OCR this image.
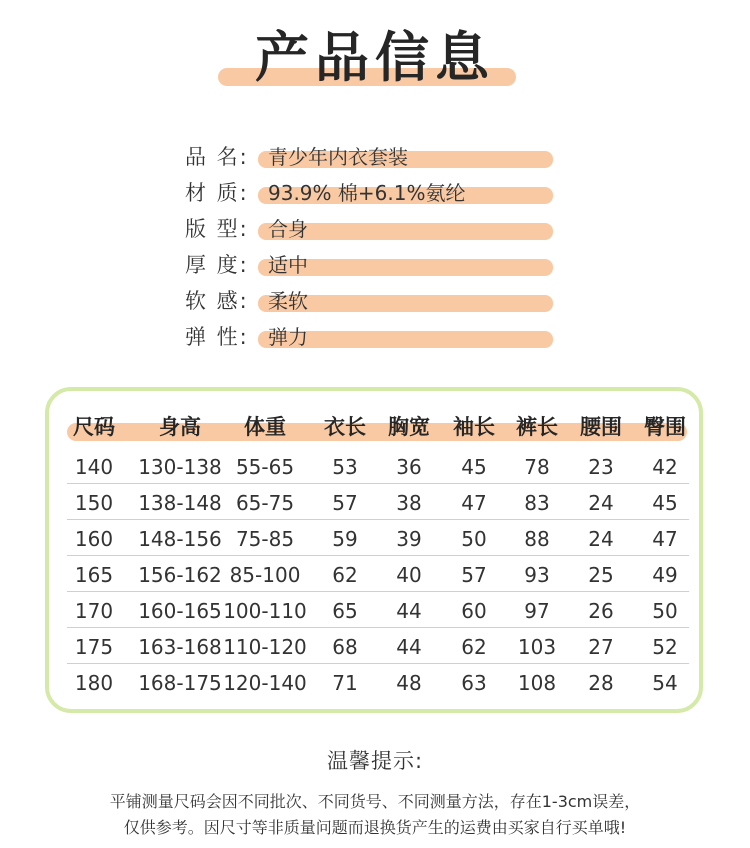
产品信息
品 名: 青少年内衣套装
材 质: 93.9% 棉+6.1%氨纶
版 型: 合身
厚 度: 适中
软 感: 柔软
弹 性: 弹力
尺码 身高 体重 衣长 胸宽 袖长 裤长 腰围 臀围
140 130-138 55-65 53 36 45 78 23 42
150 138-148 65-75 57 38 47 83 24 45
160 148-156 75-85 59 39 50 88 24 47
165 156-162 85-100 62 40 57 93 25 49
170 160-165 100-110 65 44 60 97 26 50
175 163-168 110-120 68 44 62 103 27 52
180 168-175 120-140 71 48 63 108 28 54
温馨提示:
平铺测量尺码会因不同批次、不同货号、不同测量方法，存在1-3cm误差，
仅供参考。因尺寸等非质量问题而退换货产生的运费由买家自行买单哦!
